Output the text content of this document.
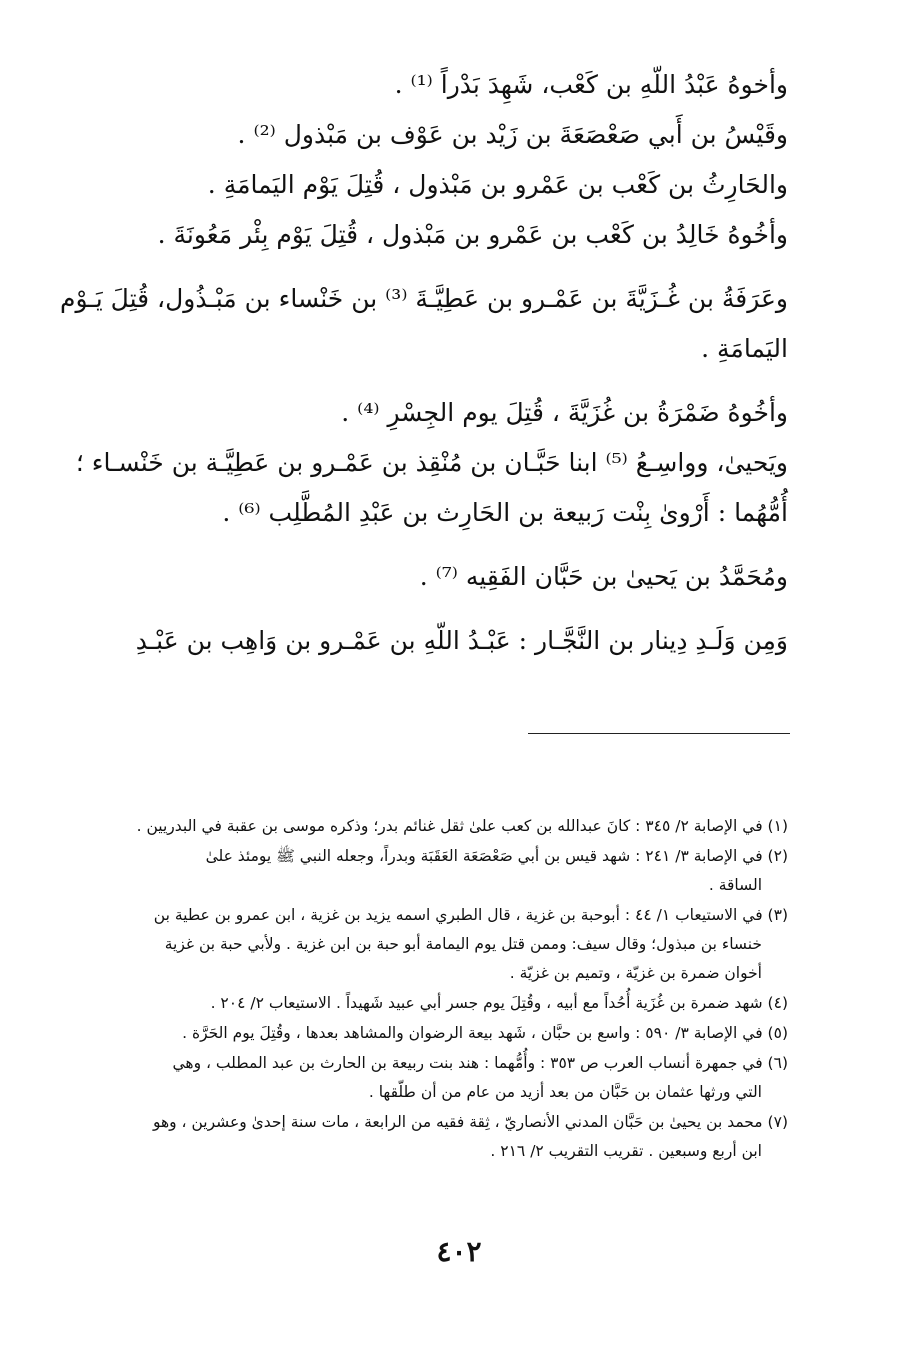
وأخوهُ عَبْدُ اللّهِ بن كَعْب، شَهِدَ بَدْراً ⁽¹⁾ .

وقَيْسُ بن أَبي صَعْصَعَةَ بن زَيْد بن عَوْف بن مَبْذول ⁽²⁾ .

والحَارِثُ بن كَعْب بن عَمْرو بن مَبْذول ، قُتِلَ يَوْم اليَمامَةِ .

وأخُوهُ خَالِدُ بن كَعْب بن عَمْرو بن مَبْذول ، قُتِلَ يَوْم بِئْر مَعُونَةَ .

وعَرَفَةُ بن غُـزَيَّةَ بن عَمْـرو بن عَطِيَّـةَ ⁽³⁾ بن خَنْساء بن مَبْـذُول، قُتِلَ يَـوْم

اليَمامَةِ .

وأخُوهُ ضَمْرَةُ بن غُزَيَّةَ ، قُتِلَ يوم الجِسْرِ ⁽⁴⁾ .

ويَحيىٰ، وواسِـعُ ⁽⁵⁾ ابنا حَبَّـان بن مُنْقِذ بن عَمْـرو بن عَطِيَّـة بن خَنْسـاء ؛

أُمُّهُما : أَرْوىٰ بِنْت رَبيعة بن الحَارِث بن عَبْدِ المُطَّلِب ⁽⁶⁾ .

ومُحَمَّدُ بن يَحيىٰ بن حَبَّان الفَقِيه ⁽⁷⁾ .

وَمِن وَلَـدِ دِينار بن النَّجَّـار : عَبْـدُ اللّهِ بن عَمْـرو بن وَاهِب بن عَبْـدِ

(١) في الإصابة ٢/ ٣٤٥ : كانَ عبدالله بن كعب علىٰ ثقل غنائم بدر؛ وذكره موسى بن عقبة في البدريين .

(٢) في الإصابة ٣/ ٢٤١ : شهد قيس بن أبي صَعْصَعَة العَقَبَة وبدراً، وجعله النبي ﷺ يومئذ علىٰ
الساقة .

(٣) في الاستيعاب ١/ ٤٤ : أبوحبة بن غزية ، قال الطبري اسمه يزيد بن غزية ، ابن عمرو بن عطية بن
خنساء بن مبذول؛ وقال سيف: وممن قتل يوم اليمامة أبو حبة بن ابن غزية . ولأبي حبة بن غزية
أخوان ضمرة بن غزيّة ، وتميم بن غزيّة .

(٤) شهد ضمرة بن غُزَية أُحُداً مع أبيه ، وقُتِلَ يوم جسر أبي عبيد شَهيداً . الاستيعاب ٢/ ٢٠٤ .

(٥) في الإصابة ٣/ ٥٩٠ : واسع بن حبَّان ، شَهد بيعة الرضوان والمشاهد بعدها ، وقُتِلَ يوم الحَرَّة .

(٦) في جمهرة أنساب العرب ص ٣٥٣ : وأُمُّهما : هند بنت ربيعة بن الحارث بن عبد المطلب ، وهي
التي ورثها عثمان بن حَبَّان من بعد أزيد من عام من أن طلّقها .

(٧) محمد بن يحيىٰ بن حَبَّان المدني الأنصاريّ ، ثِقة فقيه من الرابعة ، مات سنة إحدىٰ وعشرين ، وهو
ابن أربع وسبعين . تقريب التقريب ٢/ ٢١٦ .

٤٠٢
